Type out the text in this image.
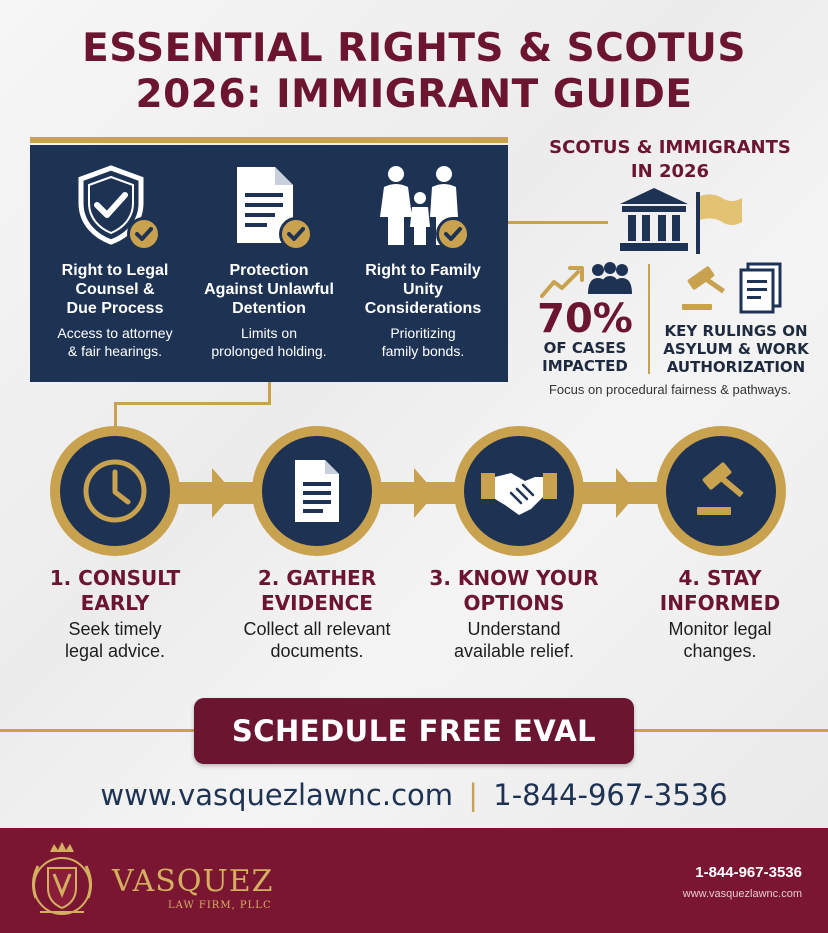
ESSENTIAL RIGHTS & SCOTUS
2026: IMMIGRANT GUIDE
Right to Legal
Counsel &
Due Process
Access to attorney
& fair hearings.
Protection
Against Unlawful
Detention
Limits on
prolonged holding.
Right to Family
Unity
Considerations
Prioritizing
family bonds.
SCOTUS & IMMIGRANTS
IN 2026
70%
OF CASES
IMPACTED
KEY RULINGS ON
ASYLUM & WORK
AUTHORIZATION
Focus on procedural fairness & pathways.
1. CONSULT
EARLY
Seek timely
legal advice.
2. GATHER
EVIDENCE
Collect all relevant
documents.
3. KNOW YOUR
OPTIONS
Understand
available relief.
4. STAY
INFORMED
Monitor legal
changes.
SCHEDULE FREE EVAL
www.vasquezlawnc.com | 1-844-967-3536
VASQUEZ
LAW FIRM, PLLC
1-844-967-3536
www.vasquezlawnc.com
